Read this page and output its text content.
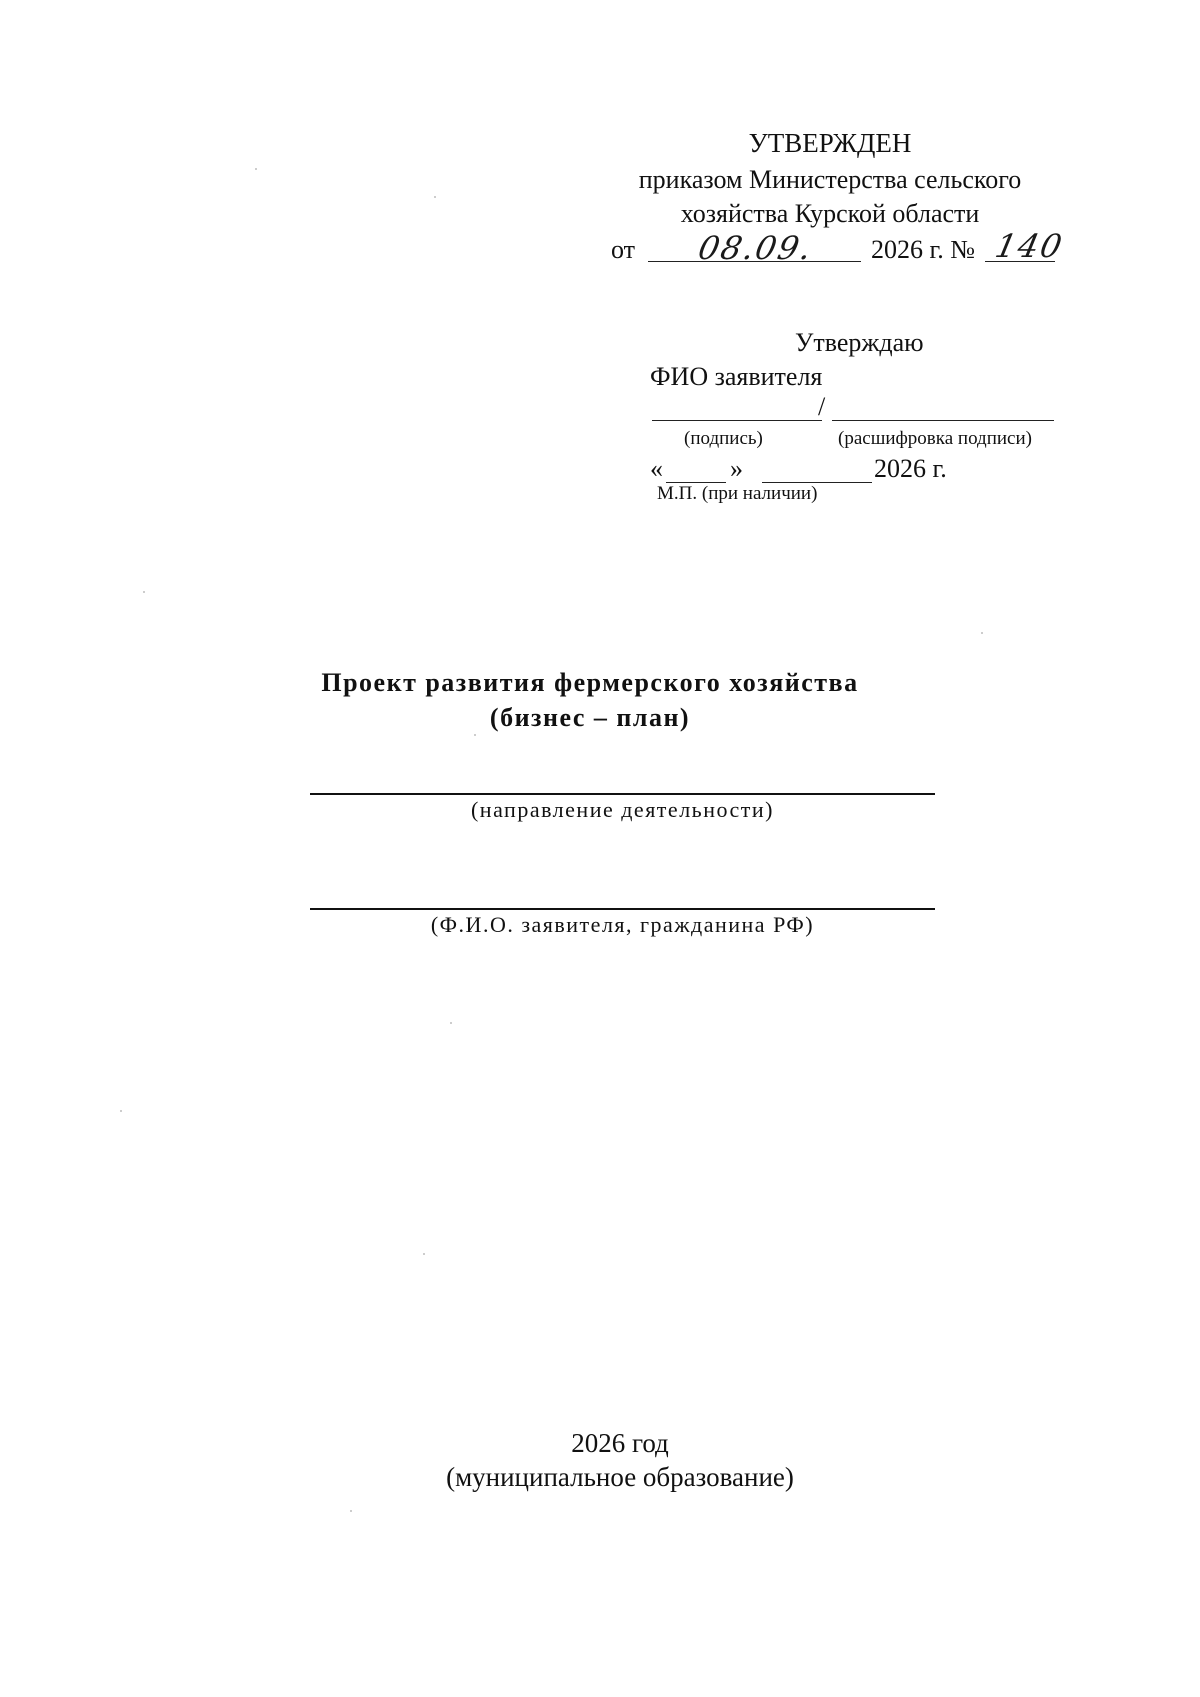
УТВЕРЖДЕН
приказом Министерства сельского
хозяйства Курской области
от 08.09. 2026 г. № 140
Утверждаю
ФИО заявителя
/
(подпись)	(расшифровка подписи)
«	»	2026 г.
М.П. (при наличии)
Проект развития фермерского хозяйства
(бизнес – план)
(направление деятельности)
(Ф.И.О. заявителя, гражданина РФ)
2026 год
(муниципальное образование)
